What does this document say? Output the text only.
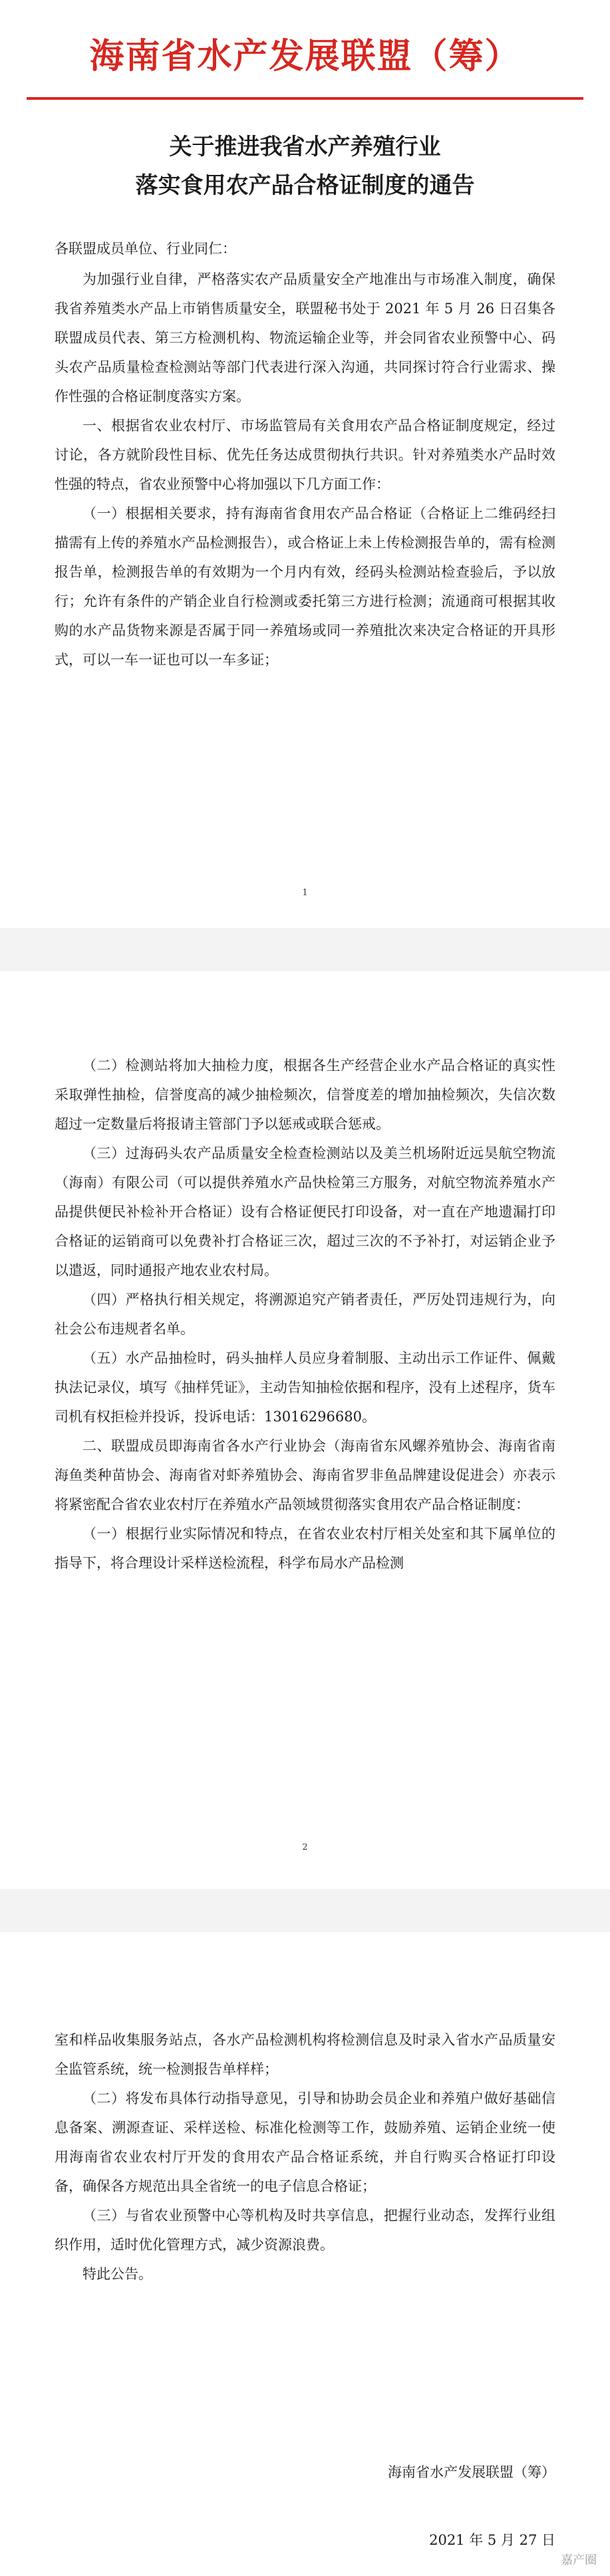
海南省水产发展联盟（筹）
关于推进我省水产养殖行业
落实食用农产品合格证制度的通告

各联盟成员单位、行业同仁：

为加强行业自律，严格落实农产品质量安全产地准出与市场准入制度，确保我省养殖类水产品上市销售质量安全，联盟秘书处于 2021 年 5 月 26 日召集各联盟成员代表、第三方检测机构、物流运输企业等，并会同省农业预警中心、码头农产品质量检查检测站等部门代表进行深入沟通，共同探讨符合行业需求、操作性强的合格证制度落实方案。

一、根据省农业农村厅、市场监管局有关食用农产品合格证制度规定，经过讨论，各方就阶段性目标、优先任务达成贯彻执行共识。针对养殖类水产品时效性强的特点，省农业预警中心将加强以下几方面工作：

（一）根据相关要求，持有海南省食用农产品合格证（合格证上二维码经扫描需有上传的养殖水产品检测报告），或合格证上未上传检测报告单的，需有检测报告单，检测报告单的有效期为一个月内有效，经码头检测站检查验后，予以放行；允许有条件的产销企业自行检测或委托第三方进行检测；流通商可根据其收购的水产品货物来源是否属于同一养殖场或同一养殖批次来决定合格证的开具形式，可以一车一证也可以一车多证；

1

（二）检测站将加大抽检力度，根据各生产经营企业水产品合格证的真实性采取弹性抽检，信誉度高的减少抽检频次，信誉度差的增加抽检频次，失信次数超过一定数量后将报请主管部门予以惩戒或联合惩戒。

（三）过海码头农产品质量安全检查检测站以及美兰机场附近远昊航空物流（海南）有限公司（可以提供养殖水产品快检第三方服务，对航空物流养殖水产品提供便民补检补开合格证）设有合格证便民打印设备，对一直在产地遗漏打印合格证的运销商可以免费补打合格证三次，超过三次的不予补打，对运销企业予以遣返，同时通报产地农业农村局。

（四）严格执行相关规定，将溯源追究产销者责任，严厉处罚违规行为，向社会公布违规者名单。

（五）水产品抽检时，码头抽样人员应身着制服、主动出示工作证件、佩戴执法记录仪，填写《抽样凭证》，主动告知抽检依据和程序，没有上述程序，货车司机有权拒检并投诉，投诉电话：13016296680。

二、联盟成员即海南省各水产行业协会（海南省东风螺养殖协会、海南省南海鱼类种苗协会、海南省对虾养殖协会、海南省罗非鱼品牌建设促进会）亦表示将紧密配合省农业农村厅在养殖水产品领域贯彻落实食用农产品合格证制度：

（一）根据行业实际情况和特点，在省农业农村厅相关处室和其下属单位的指导下，将合理设计采样送检流程，科学布局水产品检测

2

室和样品收集服务站点，各水产品检测机构将检测信息及时录入省水产品质量安全监管系统，统一检测报告单样样；

（二）将发布具体行动指导意见，引导和协助会员企业和养殖户做好基础信息备案、溯源查证、采样送检、标准化检测等工作，鼓励养殖、运销企业统一使用海南省农业农村厅开发的食用农产品合格证系统，并自行购买合格证打印设备，确保各方规范出具全省统一的电子信息合格证；

（三）与省农业预警中心等机构及时共享信息，把握行业动态，发挥行业组织作用，适时优化管理方式，减少资源浪费。

特此公告。

海南省水产发展联盟（筹）
2021 年 5 月 27 日
嘉产圈
